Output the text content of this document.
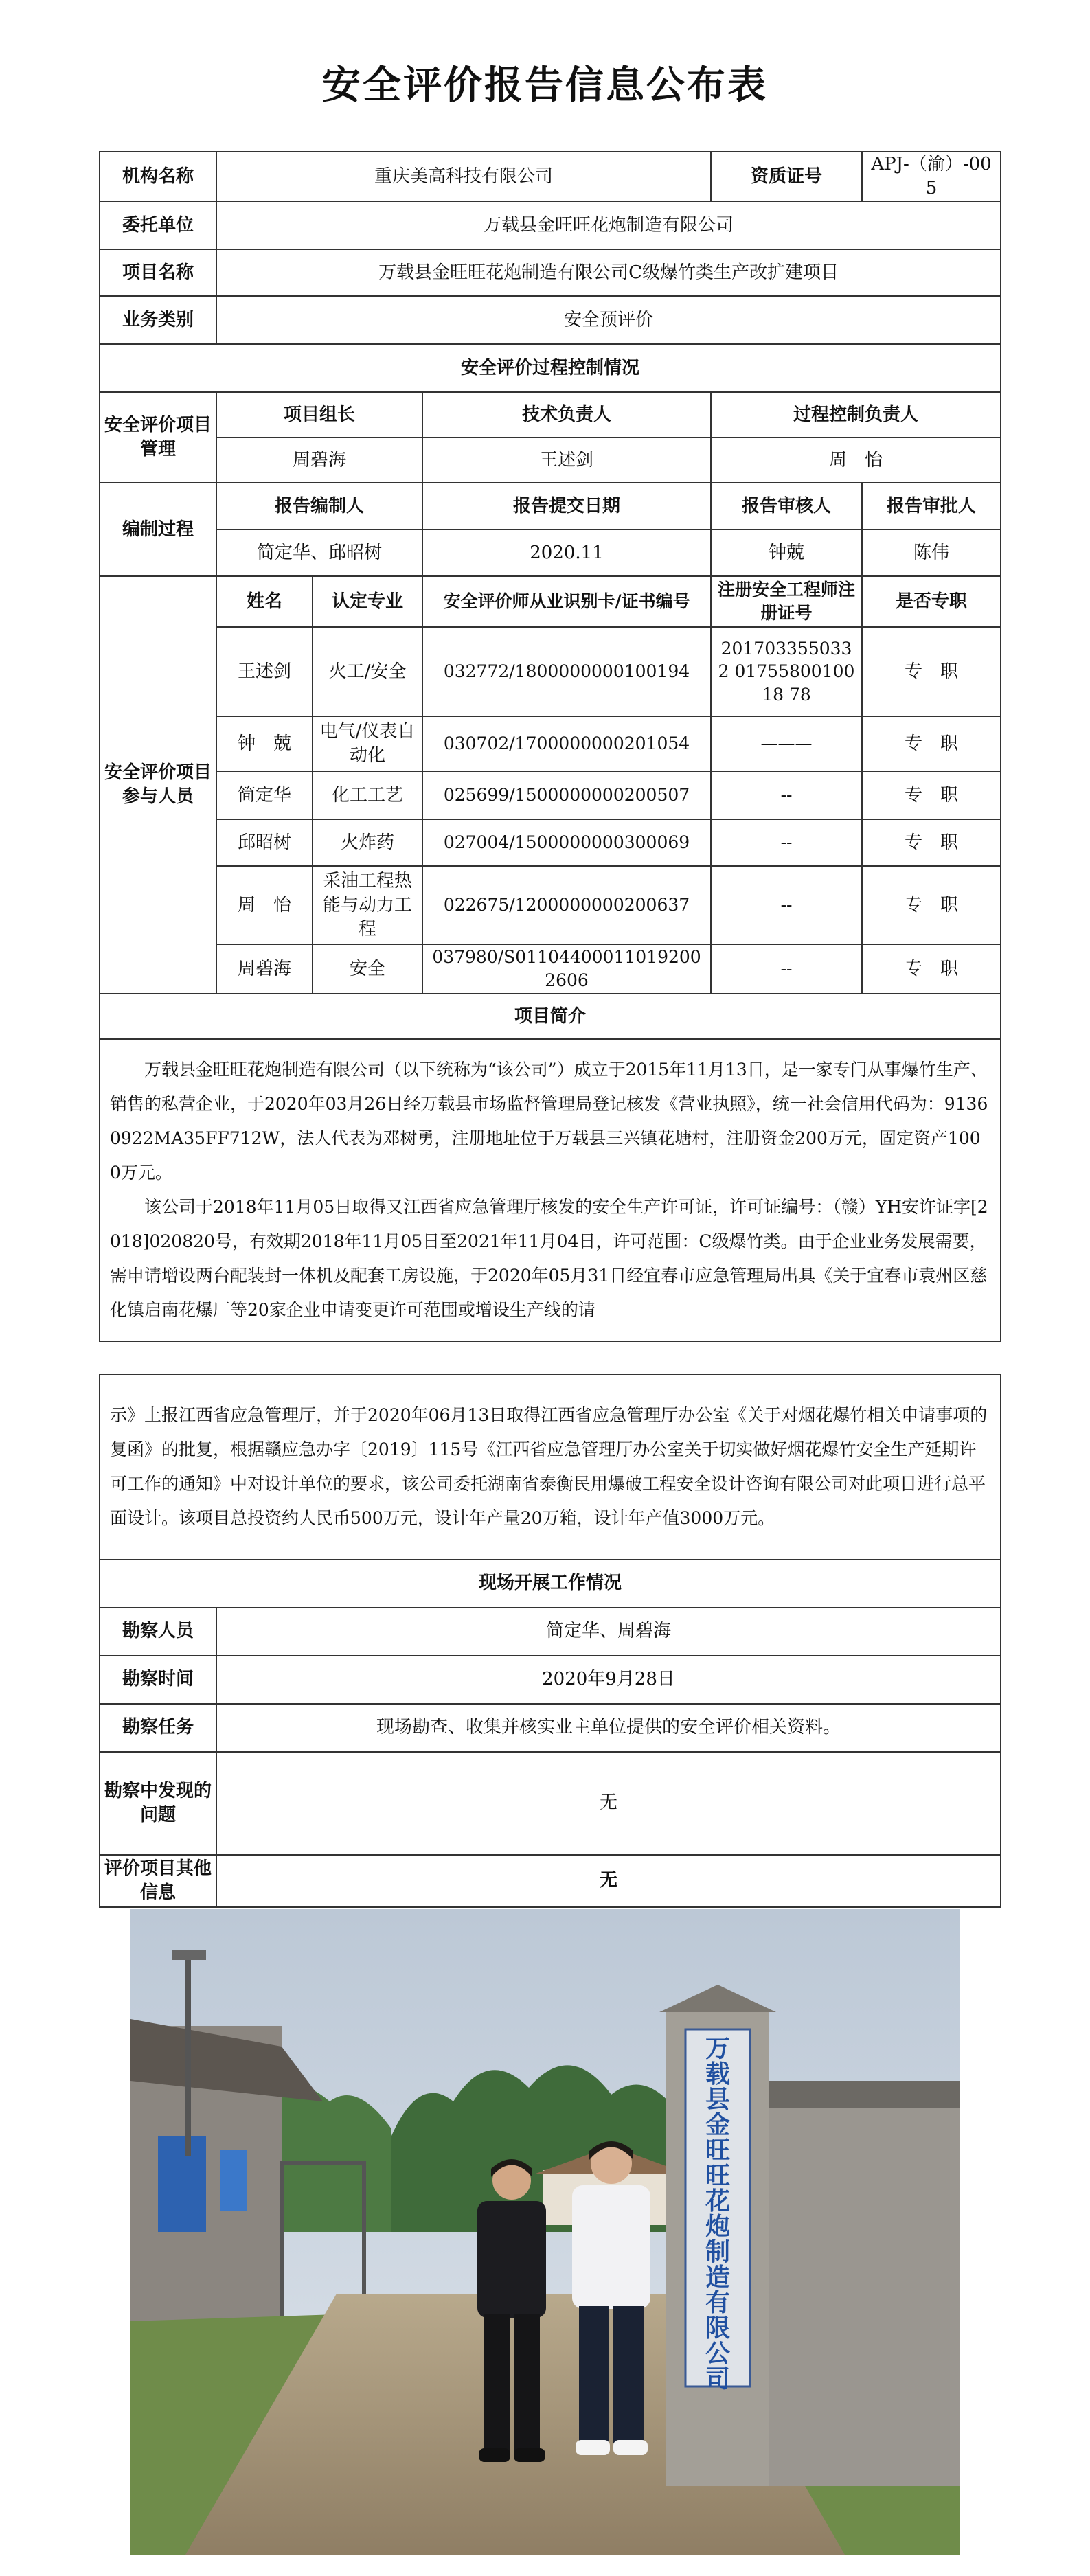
安全评价报告信息公布表
机构名称	重庆美高科技有限公司			资质证号	APJ-（渝）-005
委托单位	万载县金旺旺花炮制造有限公司				
项目名称	万载县金旺旺花炮制造有限公司C级爆竹类生产改扩建项目				
业务类别	安全预评价				
安全评价过程控制情况					
安全评价项目管理	项目组长		技术负责人	过程控制负责人	
	周碧海		王述剑	周　怡	
编制过程	报告编制人		报告提交日期	报告审核人	报告审批人
	简定华、邱昭树		2020.11	钟兢	陈伟
安全评价项目参与人员	姓名	认定专业	安全评价师从业识别卡/证书编号	注册安全工程师注册证号	是否专职
	王述剑	火工/安全	032772/1800000000100194	2017033550332 0175580010018 78	专　职
	钟　兢	电气/仪表自动化	030702/1700000000201054	———	专　职
	简定华	化工工艺	025699/1500000000200507	--	专　职
	邱昭树	火炸药	027004/1500000000300069	--	专　职
	周　怡	采油工程热能与动力工程	022675/1200000000200637	--	专　职
	周碧海	安全	037980/S011044000110192002606	--	专　职
项目简介					

万载县金旺旺花炮制造有限公司（以下统称为“该公司”）成立于2015年11月13日，是一家专门从事爆竹生产、销售的私营企业，于2020年03月26日经万载县市场监督管理局登记核发《营业执照》，统一社会信用代码为：91360922MA35FF712W，法人代表为邓树勇，注册地址位于万载县三兴镇花塘村，注册资金200万元，固定资产1000万元。

该公司于2018年11月05日取得又江西省应急管理厅核发的安全生产许可证，许可证编号：（赣）YH安许证字[2018]020820号，有效期2018年11月05日至2021年11月04日，许可范围：C级爆竹类。由于企业业务发展需要，需申请增设两台配装封一体机及配套工房设施，于2020年05月31日经宜春市应急管理局出具《关于宜春市袁州区慈化镇启南花爆厂等20家企业申请变更许可范围或增设生产线的请					

示》上报江西省应急管理厅，并于2020年06月13日取得江西省应急管理厅办公室《关于对烟花爆竹相关申请事项的复函》的批复，根据赣应急办字〔2019〕115号《江西省应急管理厅办公室关于切实做好烟花爆竹安全生产延期许可工作的通知》中对设计单位的要求，该公司委托湖南省泰衡民用爆破工程安全设计咨询有限公司对此项目进行总平面设计。该项目总投资约人民币500万元，设计年产量20万箱，设计年产值3000万元。	

现场开展工作情况	
勘察人员	简定华、周碧海
勘察时间	2020年9月28日
勘察任务	现场勘查、收集并核实业主单位提供的安全评价相关资料。
勘察中发现的问题	无
评价项目其他信息	无
万载县金旺旺花炮制造有限公司
